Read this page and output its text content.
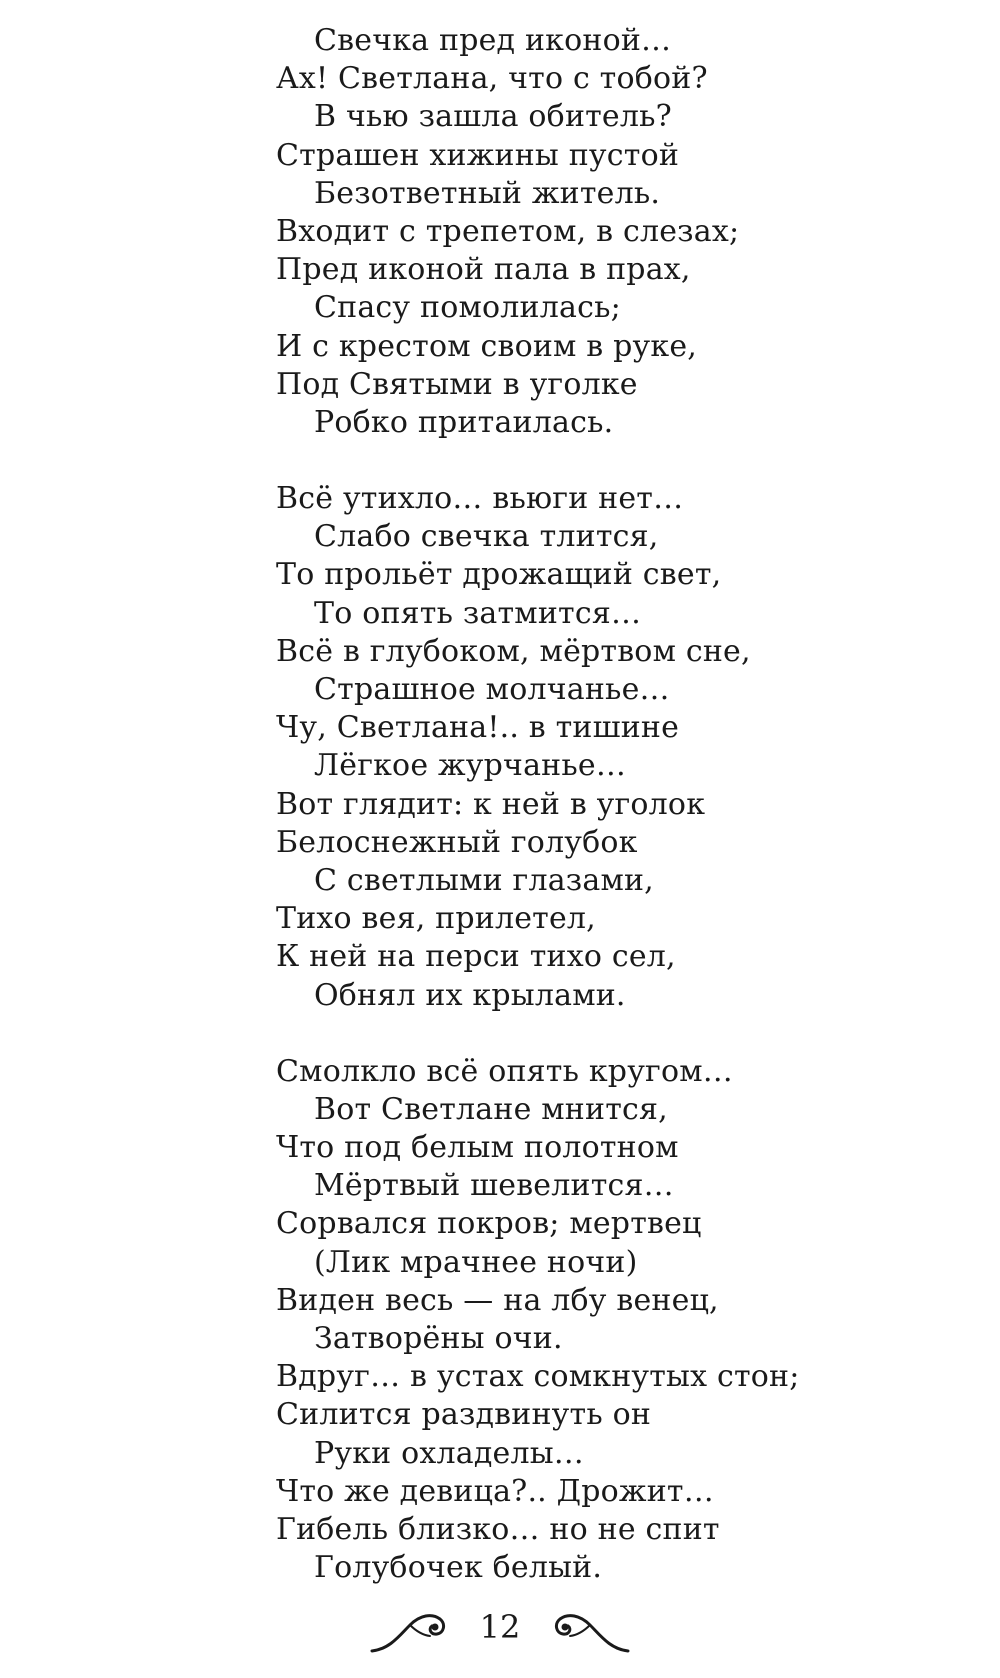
Свечка пред иконой…
Ах! Светлана, что с тобой?
В чью зашла обитель?
Страшен хижины пустой
Безответный житель.
Входит с трепетом, в слезах;
Пред иконой пала в прах,
Спасу помолилась;
И с крестом своим в руке,
Под Святыми в уголке
Робко притаилась.
Всё утихло… вьюги нет…
Слабо свечка тлится,
То прольёт дрожащий свет,
То опять затмится…
Всё в глубоком, мёртвом сне,
Страшное молчанье…
Чу, Светлана!.. в тишине
Лёгкое журчанье…
Вот глядит: к ней в уголок
Белоснежный голубок
С светлыми глазами,
Тихо вея, прилетел,
К ней на перси тихо сел,
Обнял их крылами.
Смолкло всё опять кругом…
Вот Светлане мнится,
Что под белым полотном
Мёртвый шевелится…
Сорвался покров; мертвец
(Лик мрачнее ночи)
Виден весь — на лбу венец,
Затворёны очи.
Вдруг… в устах сомкнутых стон;
Силится раздвинуть он
Руки охладелы…
Что же девица?.. Дрожит…
Гибель близко… но не спит
Голубочек белый.
12
